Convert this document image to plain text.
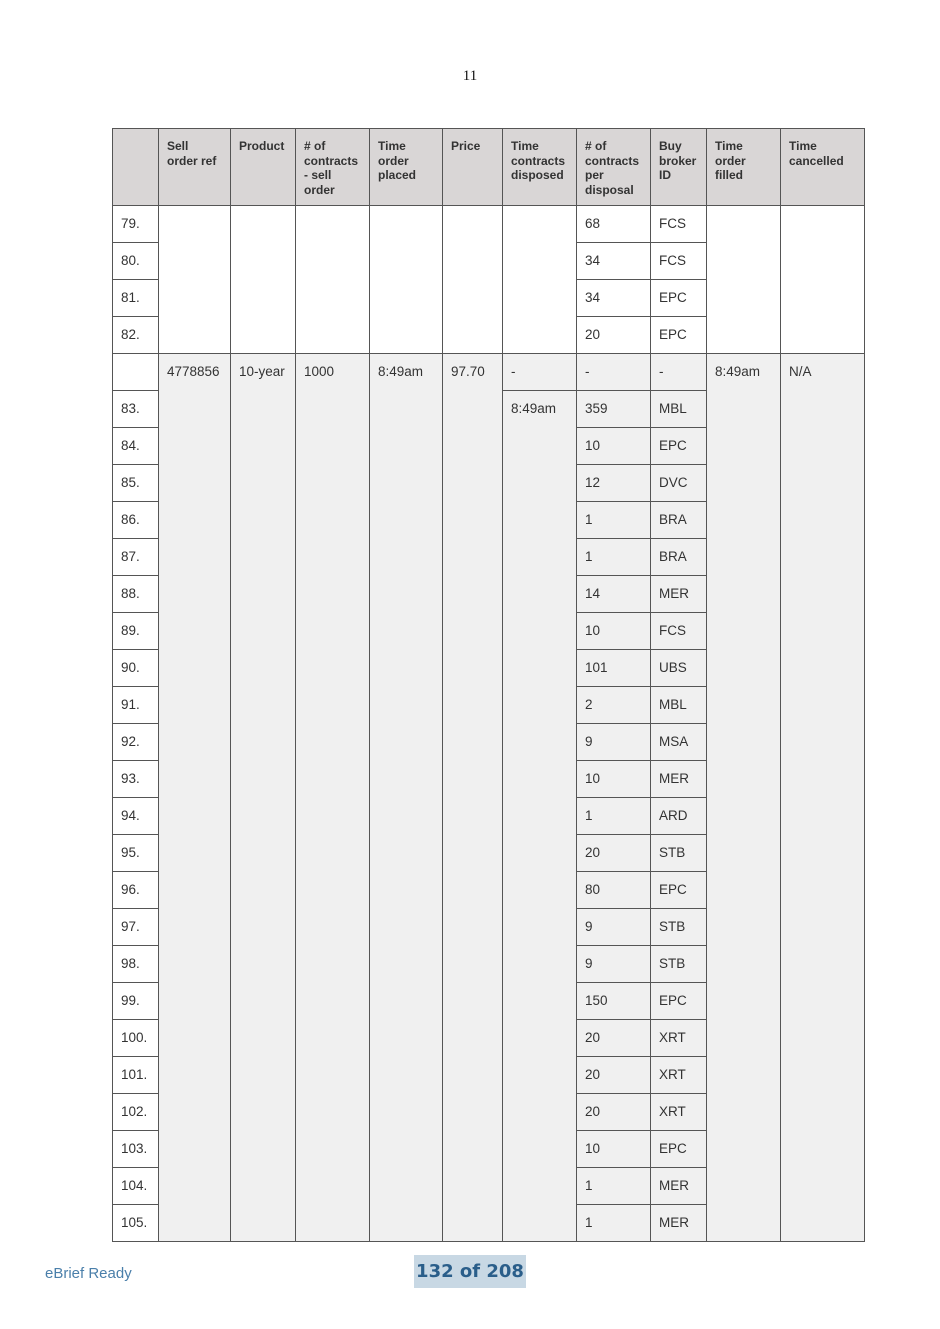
11
	Sell order ref	Product	# of contracts - sell order	Time order placed	Price	Time contracts disposed	# of contracts per disposal	Buy broker ID	Time order filled	Time cancelled
79.							68	FCS		
80.							34	FCS		
81.							34	EPC		
82.							20	EPC		
	4778856	10-year	1000	8:49am	97.70	-	-	-	8:49am	N/A
83.						8:49am	359	MBL		
84.							10	EPC		
85.							12	DVC		
86.							1	BRA		
87.							1	BRA		
88.							14	MER		
89.							10	FCS		
90.							101	UBS		
91.							2	MBL		
92.							9	MSA		
93.							10	MER		
94.							1	ARD		
95.							20	STB		
96.							80	EPC		
97.							9	STB		
98.							9	STB		
99.							150	EPC		
100.							20	XRT		
101.							20	XRT		
102.							20	XRT		
103.							10	EPC		
104.							1	MER		
105.							1	MER		
eBrief Ready	132 of 208
